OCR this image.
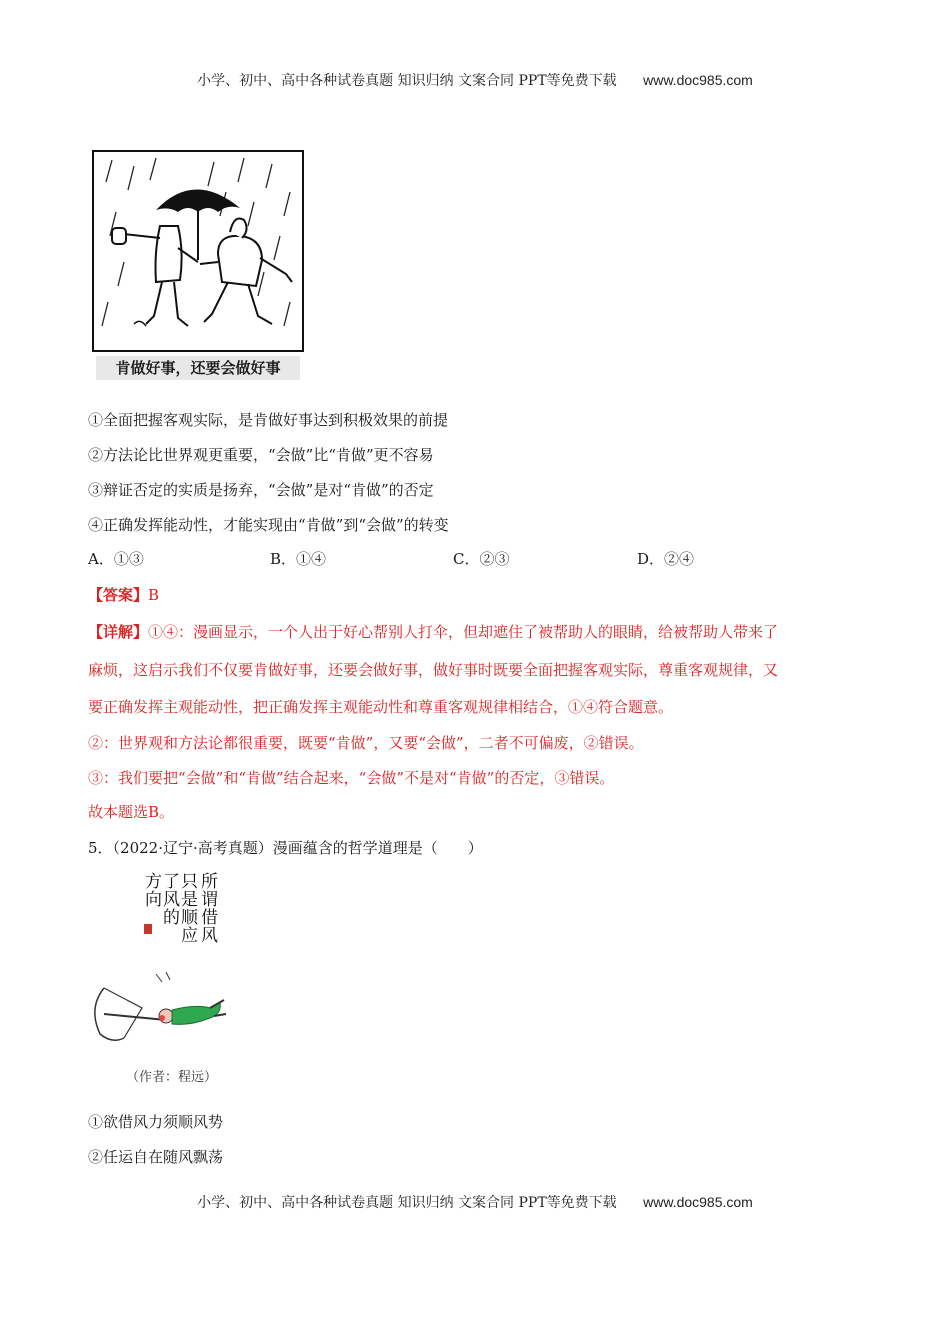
小学、初中、高中各种试卷真题 知识归纳 文案合同 PPT等免费下载 www.doc985.com
肯做好事，还要会做好事
①全面把握客观实际，是肯做好事达到积极效果的前提
②方法论比世界观更重要，“会做”比“肯做”更不容易
③辩证否定的实质是扬弃，“会做”是对“肯做”的否定
④正确发挥能动性，才能实现由“肯做”到“会做”的转变
A．①③	B．①④	C．②③	D．②④
【答案】B
【详解】①④：漫画显示，一个人出于好心帮别人打伞，但却遮住了被帮助人的眼睛，给被帮助人带来了
麻烦，这启示我们不仅要肯做好事，还要会做好事，做好事时既要全面把握客观实际，尊重客观规律，又
要正确发挥主观能动性，把正确发挥主观能动性和尊重客观规律相结合，①④符合题意。
②：世界观和方法论都很重要，既要“肯做”，又要“会做”，二者不可偏废，②错误。
③：我们要把“会做”和“肯做”结合起来，“会做”不是对“肯做”的否定，③错误。
故本题选B。
5．（2022·辽宁·高考真题）漫画蕴含的哲学道理是（　　）
所谓借风
只是顺应
了风的
方向
（作者：程远）
①欲借风力须顺风势
②任运自在随风飘荡
小学、初中、高中各种试卷真题 知识归纳 文案合同 PPT等免费下载 www.doc985.com
